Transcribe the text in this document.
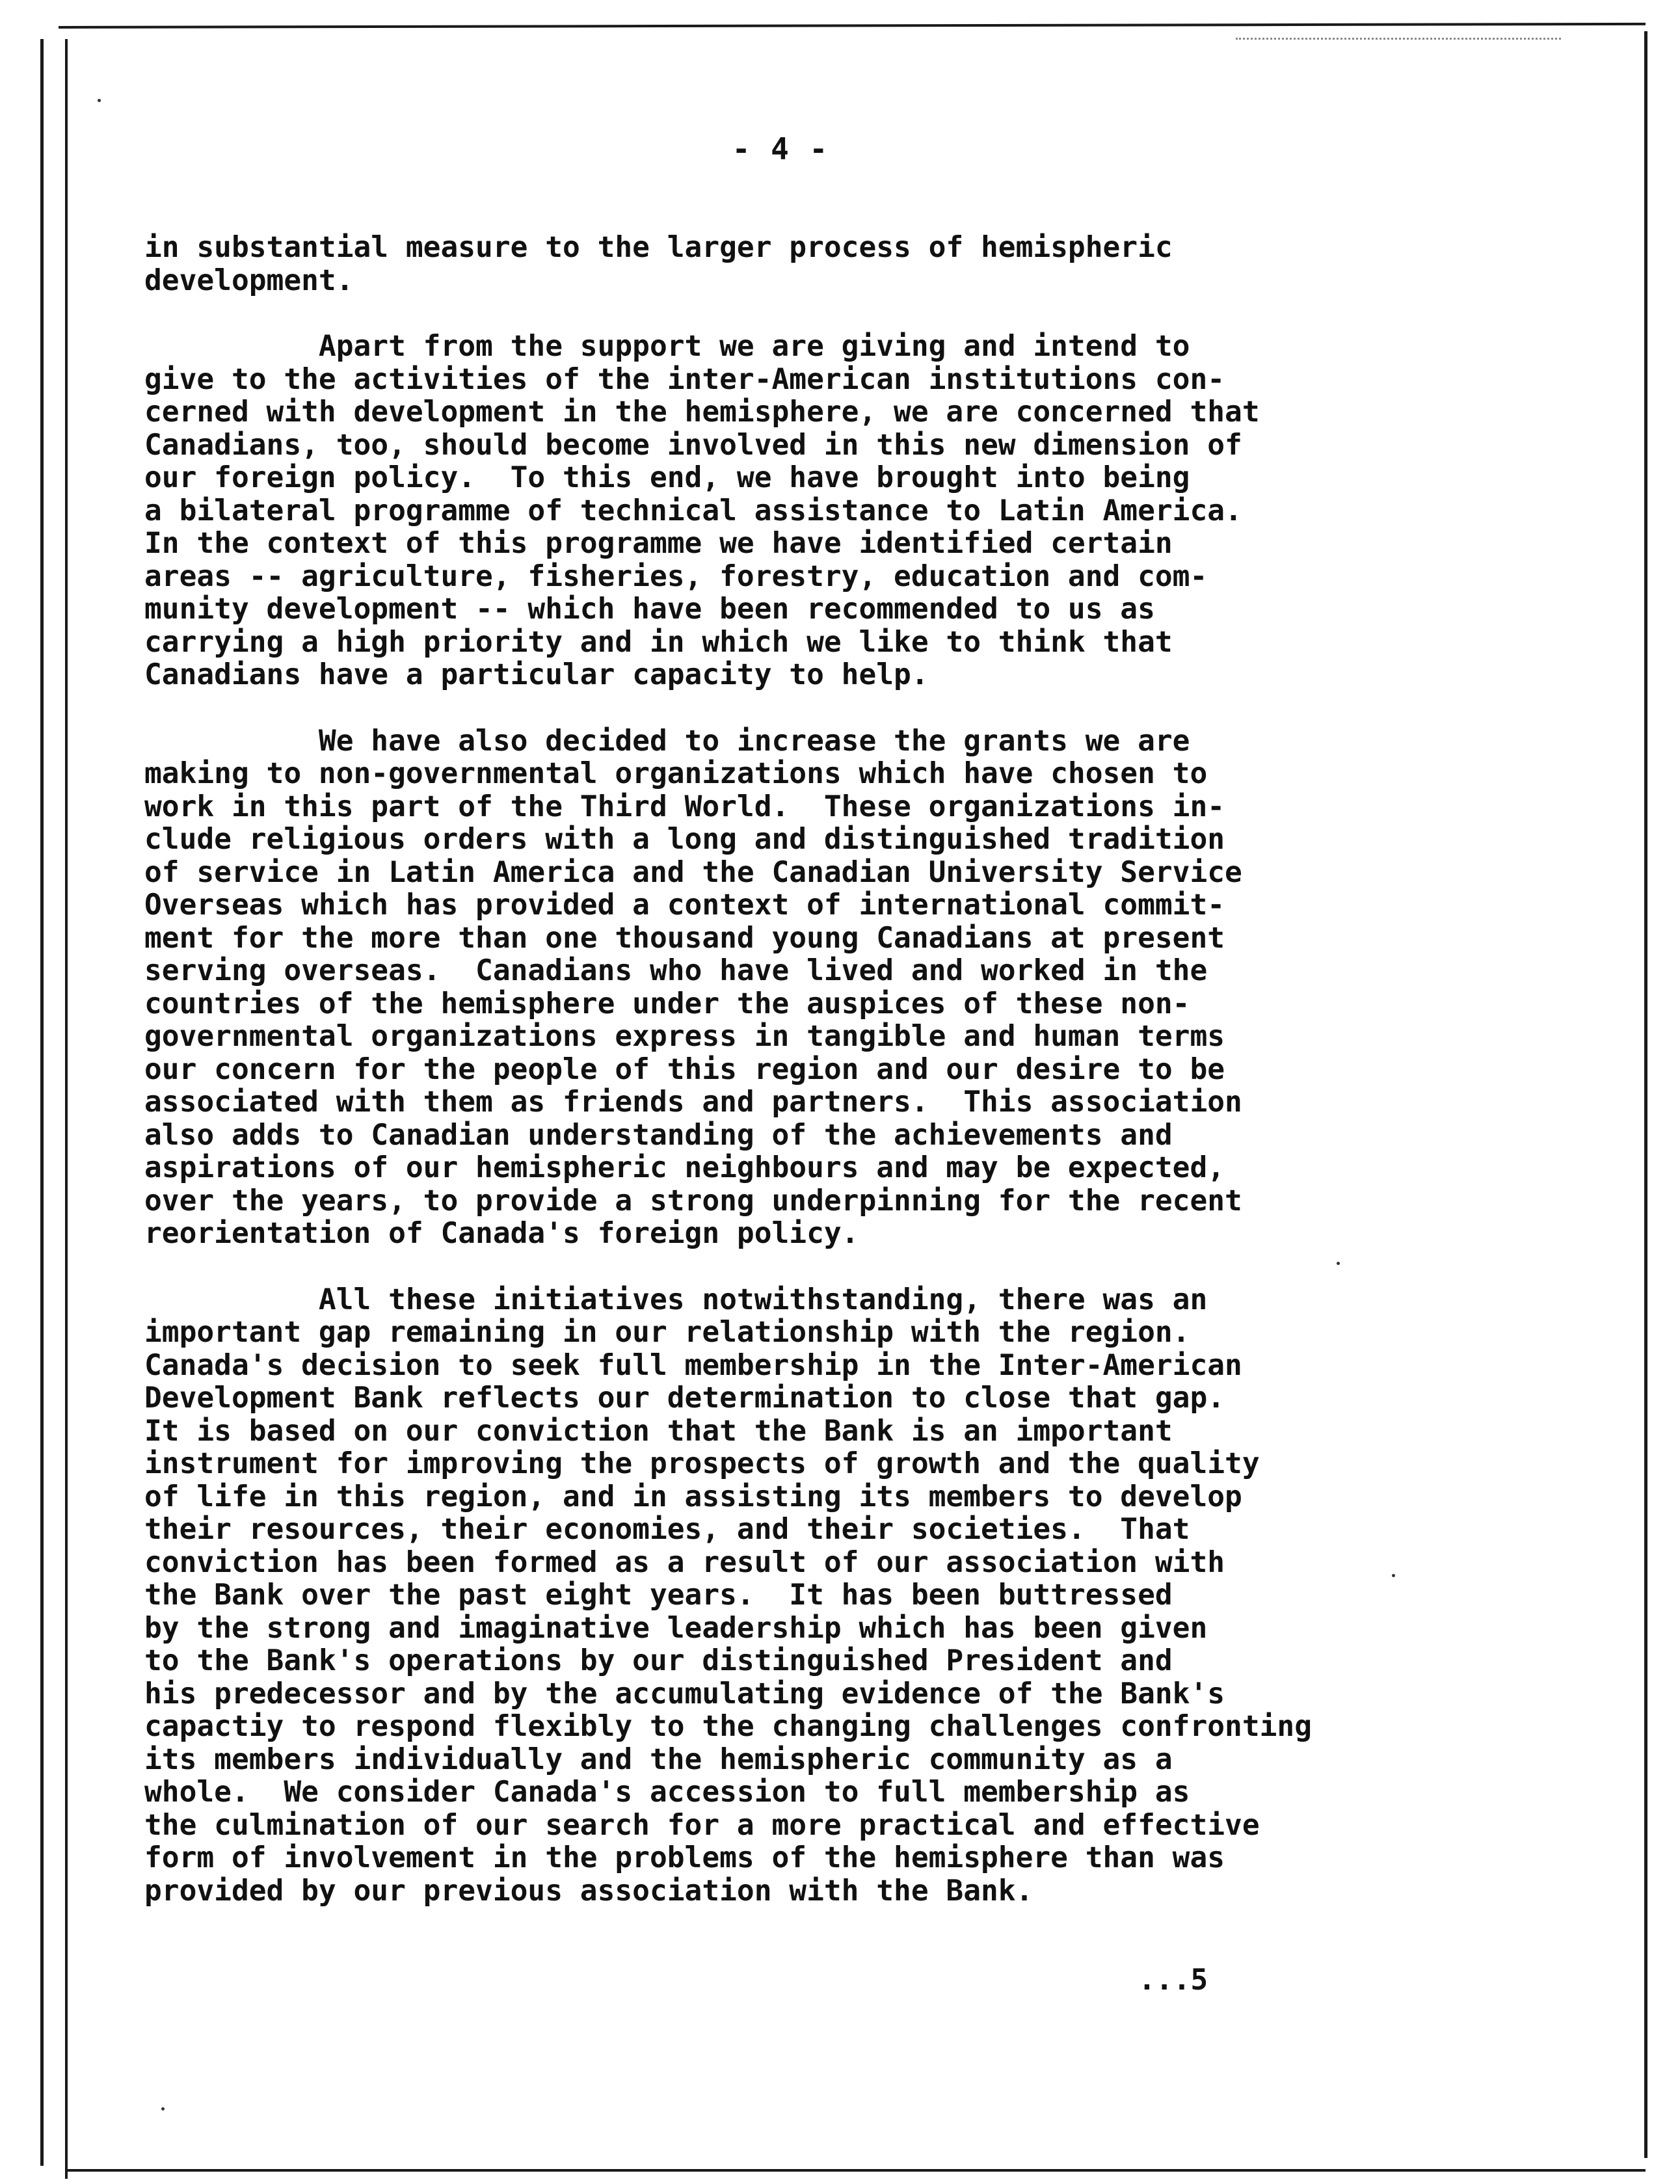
- 4 -
in substantial measure to the larger process of hemispheric
development.
Apart from the support we are giving and intend to
give to the activities of the inter-American institutions con-
cerned with development in the hemisphere, we are concerned that
Canadians, too, should become involved in this new dimension of
our foreign policy.  To this end, we have brought into being
a bilateral programme of technical assistance to Latin America.
In the context of this programme we have identified certain
areas -- agriculture, fisheries, forestry, education and com-
munity development -- which have been recommended to us as
carrying a high priority and in which we like to think that
Canadians have a particular capacity to help.
We have also decided to increase the grants we are
making to non-governmental organizations which have chosen to
work in this part of the Third World.  These organizations in-
clude religious orders with a long and distinguished tradition
of service in Latin America and the Canadian University Service
Overseas which has provided a context of international commit-
ment for the more than one thousand young Canadians at present
serving overseas.  Canadians who have lived and worked in the
countries of the hemisphere under the auspices of these non-
governmental organizations express in tangible and human terms
our concern for the people of this region and our desire to be
associated with them as friends and partners.  This association
also adds to Canadian understanding of the achievements and
aspirations of our hemispheric neighbours and may be expected,
over the years, to provide a strong underpinning for the recent
reorientation of Canada's foreign policy.
All these initiatives notwithstanding, there was an
important gap remaining in our relationship with the region.
Canada's decision to seek full membership in the Inter-American
Development Bank reflects our determination to close that gap.
It is based on our conviction that the Bank is an important
instrument for improving the prospects of growth and the quality
of life in this region, and in assisting its members to develop
their resources, their economies, and their societies.  That
conviction has been formed as a result of our association with
the Bank over the past eight years.  It has been buttressed
by the strong and imaginative leadership which has been given
to the Bank's operations by our distinguished President and
his predecessor and by the accumulating evidence of the Bank's
capactiy to respond flexibly to the changing challenges confronting
its members individually and the hemispheric community as a
whole.  We consider Canada's accession to full membership as
the culmination of our search for a more practical and effective
form of involvement in the problems of the hemisphere than was
provided by our previous association with the Bank.
...5
